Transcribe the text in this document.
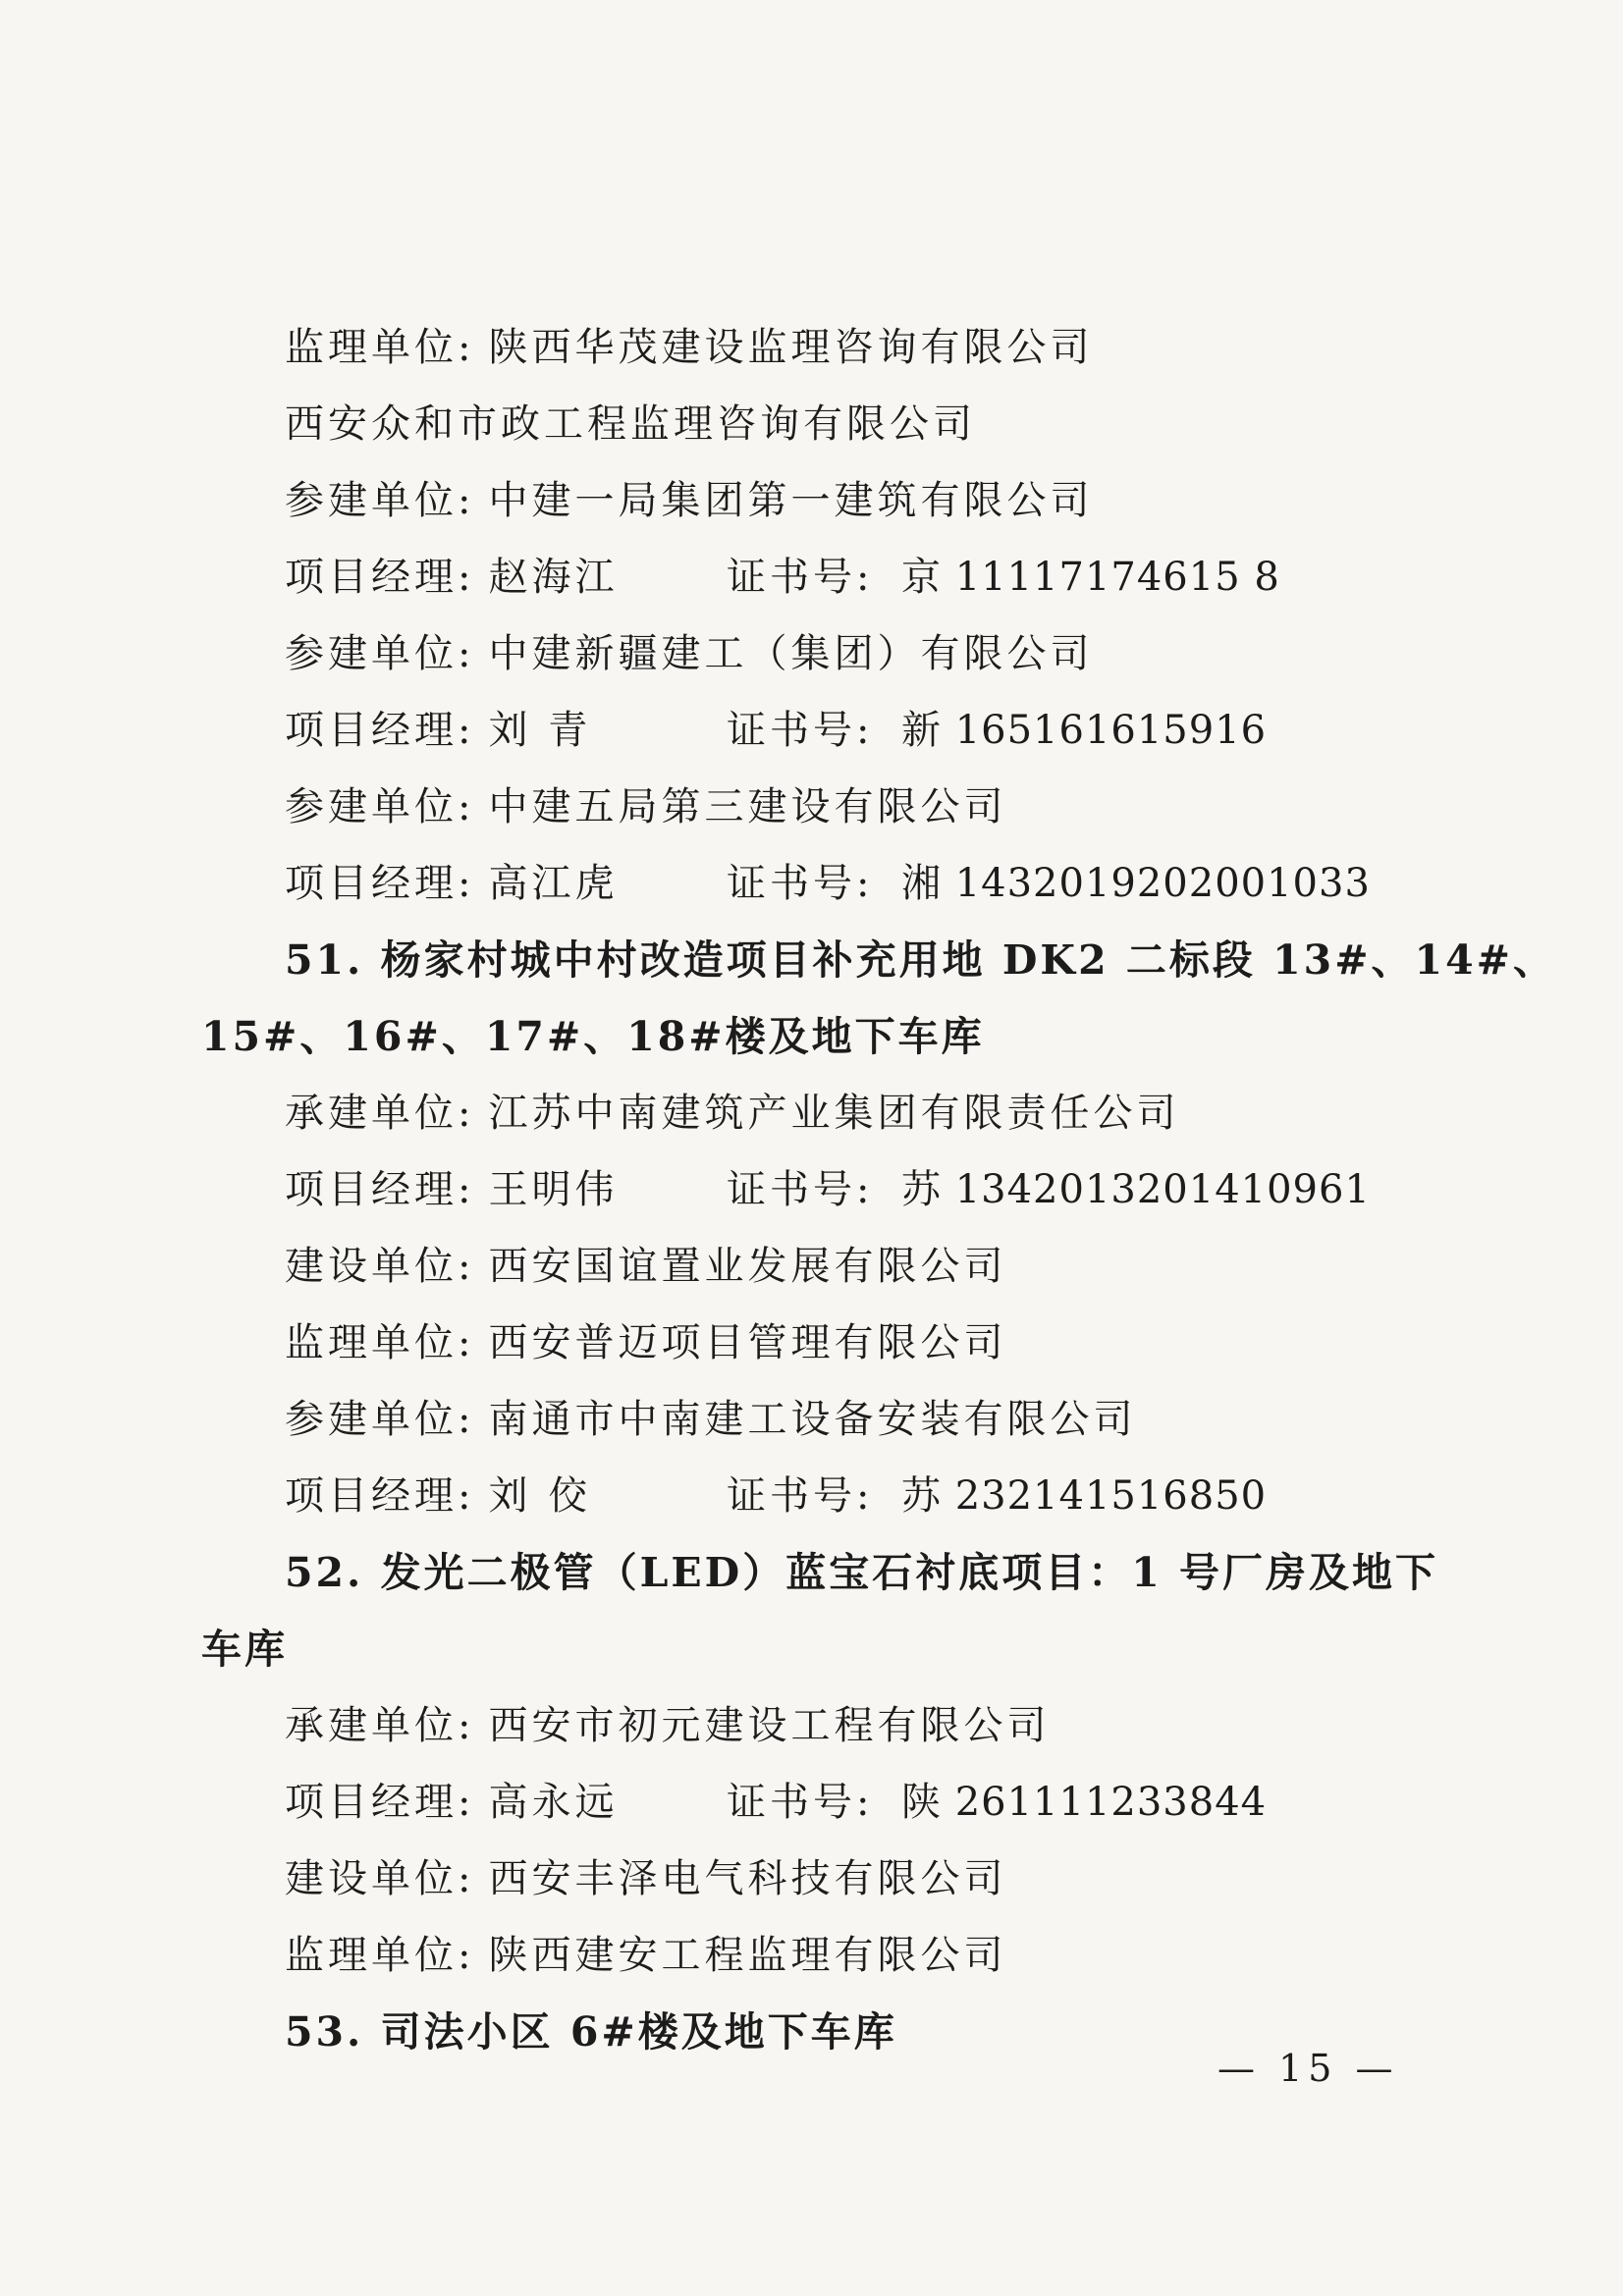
监理单位: 陕西华茂建设监理咨询有限公司
西安众和市政工程监理咨询有限公司
参建单位: 中建一局集团第一建筑有限公司
项目经理: 赵海江	证书号: 京 11117174615 8
参建单位: 中建新疆建工（集团）有限公司
项目经理: 刘 青	证书号: 新 165161615916
参建单位: 中建五局第三建设有限公司
项目经理: 高江虎	证书号: 湘 1432019202001033
51. 杨家村城中村改造项目补充用地 DK2 二标段 13#、14#、
15#、16#、17#、18#楼及地下车库
承建单位: 江苏中南建筑产业集团有限责任公司
项目经理: 王明伟	证书号: 苏 1342013201410961
建设单位: 西安国谊置业发展有限公司
监理单位: 西安普迈项目管理有限公司
参建单位: 南通市中南建工设备安装有限公司
项目经理: 刘 佼	证书号: 苏 232141516850
52. 发光二极管（LED）蓝宝石衬底项目：1 号厂房及地下
车库
承建单位: 西安市初元建设工程有限公司
项目经理: 高永远	证书号: 陕 261111233844
建设单位: 西安丰泽电气科技有限公司
监理单位: 陕西建安工程监理有限公司
53. 司法小区 6#楼及地下车库
— 15 —
